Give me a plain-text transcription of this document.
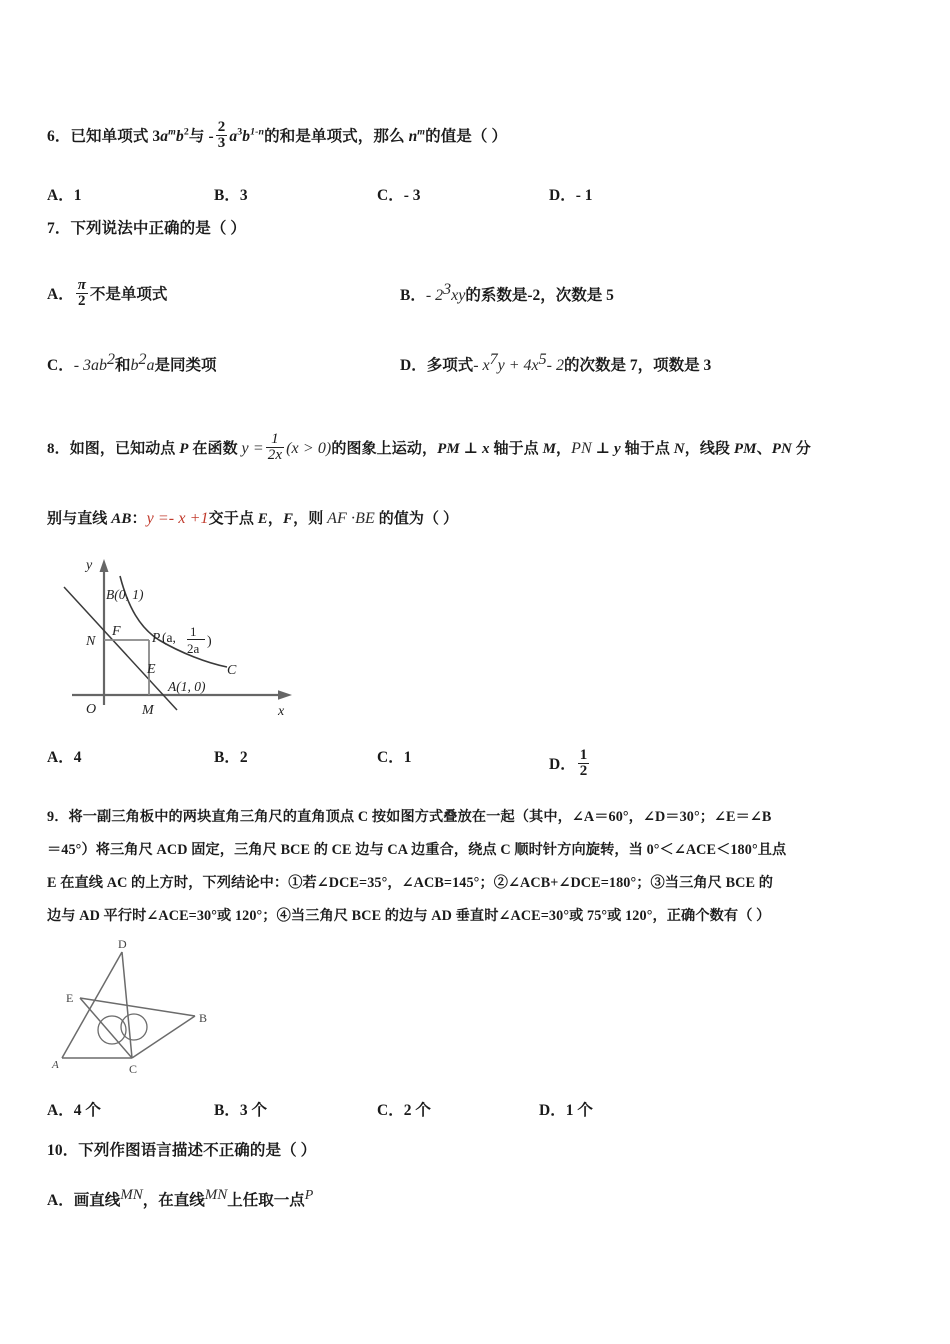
6．已知单项式 $3a^mb^2$与 - $\frac{2}{3} a^3b^{1-n}$的和是单项式，那么 $n^m$的值是（ ）
A．1	B．3	C．- 3	D．- 1
7．下列说法中正确的是（ ）
A． $\frac{\pi}{2}$ 不是单项式	B．- $2^3xy$的系数是-2，次数是 5
C．- $3ab^2$和$b^2a$是同类项	D．多项式- $x^7y + 4x^5-$ 2的次数是 7，项数是 3
8．如图，已知动点 P 在函数 $y = \frac{1}{2x} (x > 0)$的图象上运动，PM ⊥ x 轴于点 M，PN ⊥ y 轴于点 N，线段 PM、PN 分
别与直线 AB：y =- x +1交于点 E，F，则 AF ·BE 的值为（ ）
y
x
O
B(0, 1)
N
F P (a, 1
2a )
E	C
A(1, 0)
M
A．4	B．2	C．1	D． $\frac{1}{2}$
9．将一副三角板中的两块直角三角尺的直角顶点 C 按如图方式叠放在一起（其中，∠A＝60°，∠D＝30°；∠E＝∠B
＝45°）将三角尺 ACD 固定，三角尺 BCE 的 CE 边与 CA 边重合，绕点 C 顺时针方向旋转，当 0°＜∠ACE＜180°且点
E 在直线 AC 的上方时，下列结论中：①若∠DCE=35°，∠ACB=145°；②∠ACB+∠DCE=180°；③当三角尺 BCE 的
边与 AD 平行时∠ACE=30°或 120°；④当三角尺 BCE 的边与 AD 垂直时∠ACE=30°或 75°或 120°，正确个数有（ ）
D
E
B
A	C
A．4 个	B．3 个	C．2 个	D．1 个
10．下列作图语言描述不正确的是（ ）
A．画直线$^{MN}$，在直线$^{MN}$上任取一点$^P$
